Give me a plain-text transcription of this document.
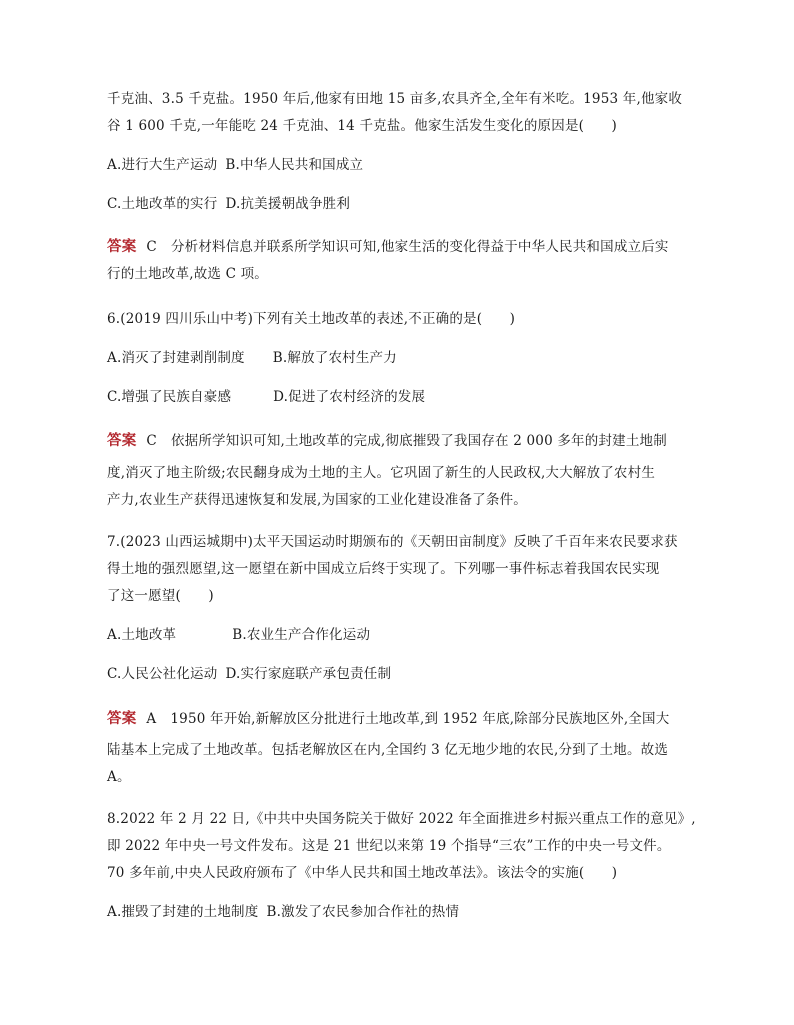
千克油、3.5 千克盐。1950 年后,他家有田地 15 亩多,农具齐全,全年有米吃。1953 年,他家收

谷 1 600 千克,一年能吃 24 千克油、14 千克盐。他家生活发生变化的原因是(　　)

A.进行大生产运动 B.中华人民共和国成立

C.土地改革的实行 D.抗美援朝战争胜利

答案 C 分析材料信息并联系所学知识可知,他家生活的变化得益于中华人民共和国成立后实

行的土地改革,故选 C 项。

6.(2019 四川乐山中考)下列有关土地改革的表述,不正确的是(　　)

A.消灭了封建剥削制度 B.解放了农村生产力

C.增强了民族自豪感	D.促进了农村经济的发展

答案 C 依据所学知识可知,土地改革的完成,彻底摧毁了我国存在 2 000 多年的封建土地制

度,消灭了地主阶级;农民翻身成为土地的主人。它巩固了新生的人民政权,大大解放了农村生

产力,农业生产获得迅速恢复和发展,为国家的工业化建设准备了条件。

7.(2023 山西运城期中)太平天国运动时期颁布的《天朝田亩制度》反映了千百年来农民要求获

得土地的强烈愿望,这一愿望在新中国成立后终于实现了。下列哪一事件标志着我国农民实现

了这一愿望(　　)

A.土地改革	B.农业生产合作化运动

C.人民公社化运动 D.实行家庭联产承包责任制

答案 A 1950 年开始,新解放区分批进行土地改革,到 1952 年底,除部分民族地区外,全国大

陆基本上完成了土地改革。包括老解放区在内,全国约 3 亿无地少地的农民,分到了土地。故选

A。

8.2022 年 2 月 22 日,《中共中央国务院关于做好 2022 年全面推进乡村振兴重点工作的意见》,

即 2022 年中央一号文件发布。这是 21 世纪以来第 19 个指导“三农”工作的中央一号文件。

70 多年前,中央人民政府颁布了《中华人民共和国土地改革法》。该法令的实施(　　)

A.摧毁了封建的土地制度 B.激发了农民参加合作社的热情
